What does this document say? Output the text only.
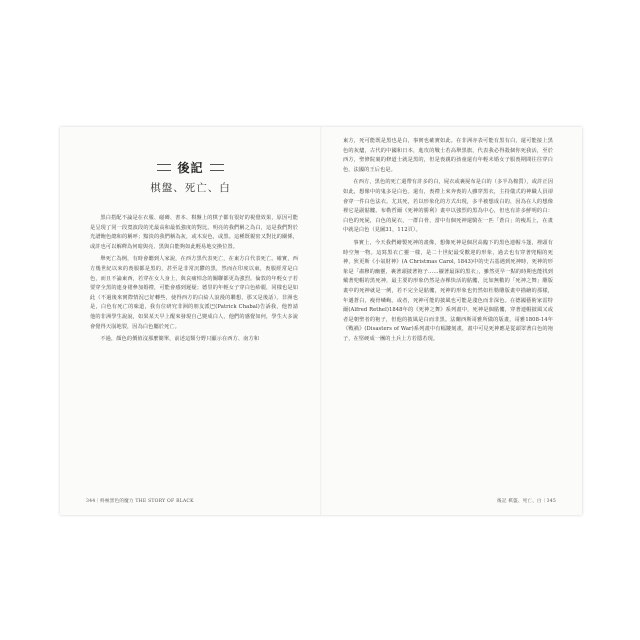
後記
棋盤、死亡、白

黑白搭配不論是在衣服、磁磚、書本、棋盤上的棋子都有很好的視覺效果，原因可能是呈現了同一段寬波段的光最高和最低強度的對比。明亮的我們稱之為白，這是我們對於光譜飽色總和的稱呼；黯淡的我們稱為灰，或木炭色，或黑。這種既親密又對比的關係，或許也可以解釋為何暗與亮、黑與白能夠如此輕易地交換位置。

舉死亡為例，有時會聽到人家說，在西方黑代表死亡，在東方白代表死亡。確實，西方幾世紀以來的喪服都是黑的，甚至是非常沉鬱的黑，然而在印度以東，喪服經常是白色，而且不論東西，若穿在女人身上，與哀痛悼念的關聯都更為強烈。倫敦的年輕女子若要穿全黑的連身裙參加婚禮，可能會感到遲疑；德里的年輕女子穿白色紗麗，同樣也是如此（不過後來實際情況已好轉些，使得西方的白給人浪漫的聯想，那又是後話）。非洲也是，白色有死亡的味道，我有位研究非洲的朋友派巴(Patrick Chabal)告訴我，他曾請他的非洲學生說說，如果某天早上醒來發現自己變成白人，他們的感覺如何，學生大多說會覺得天崩地裂，因為白色屬於死亡。

不過，顏色的價值沒那麼簡單，前述這類分野只顯示在西方、南方和

344｜終極黑色的魔力 THE STORY OF BLACK

東方，死可能既是黑也是白，事實也確實如此。在非洲亦表可能有黑有白，還可能接上黑色的灰燼，古代的中國和日本，進攻的戰士若高舉黑旗，代表我必得殺個你死我活，至於西方，聖修院裏的修道士就是黑的，但是喪親的孩童還有年輕未婚女子服喪期間往往穿白色，法國的王后也是。

在西方，黑色的死亡還帶有許多的白，屍衣或裹屍布是白的（多半為棉質），或許正因如此，想像中的鬼多是白色。還有，喪禮上來奔喪的人雖穿黑衣，主持儀式的神職人員卻會穿一件白色法衣。尤其死，若以形象化的方式出現，多半被想成白的，因為在人的想像裡它是副骷髏。布勒哲爾《死神的勝利》畫中以強烈的黑為中心，但也有許多鮮明的白：白色的死屍，白色的屍衣，一群白骨，當中有個死神還騎在一匹「蒼白」的瘦馬上，在畫中就是白色（見圖31，112頁）。

事實上，今天我們繪製死神的畫像，想像死神是個居高臨下的黑色連帽斗篷，裡頭有時空無一物。這寫黑衣亡靈一樣，是二十世紀最受歡迎的形象，過去也有穿著兜帽的死神，狄更斯《小氣財神》(A Christmas Carol, 1843)中的史古基遇到死神時，死神的形象是「肅穆的幽靈，裹著頭披著袍子……襯著最深的黑衣」，雖然更早一點的時期也能找到戴著兜帽的黑死神，最主要的形象仍然是赤裸快活的骷髏，比如無數的「死神之舞」雕版畫中的死神就是一例，若不完全是骷髏，死神的形象也仍然如杜勒雕版畫中描繪的那樣，年邁蒼白，瘦骨嶙峋。或者，死神可能的披風也可能是淺色而非深色。在德國藝術家雷特爾(Alfred Rethel)1848年的《死神之舞》系列畫中，死神是個骷髏，穿著連帽披風又或者是朝聖者的袍子，但他的披風是白而非黑。法蘭西斯哥雅所做的版畫，哥雅1808-14年《戰禍》(Disasters of War)系列畫中有幅鏤刻畫，畫中可見死神應是從頭罩著白色的袍子，在堅硬成一團的土兵上方若隱若現。

後記 棋盤、死亡、白｜345
